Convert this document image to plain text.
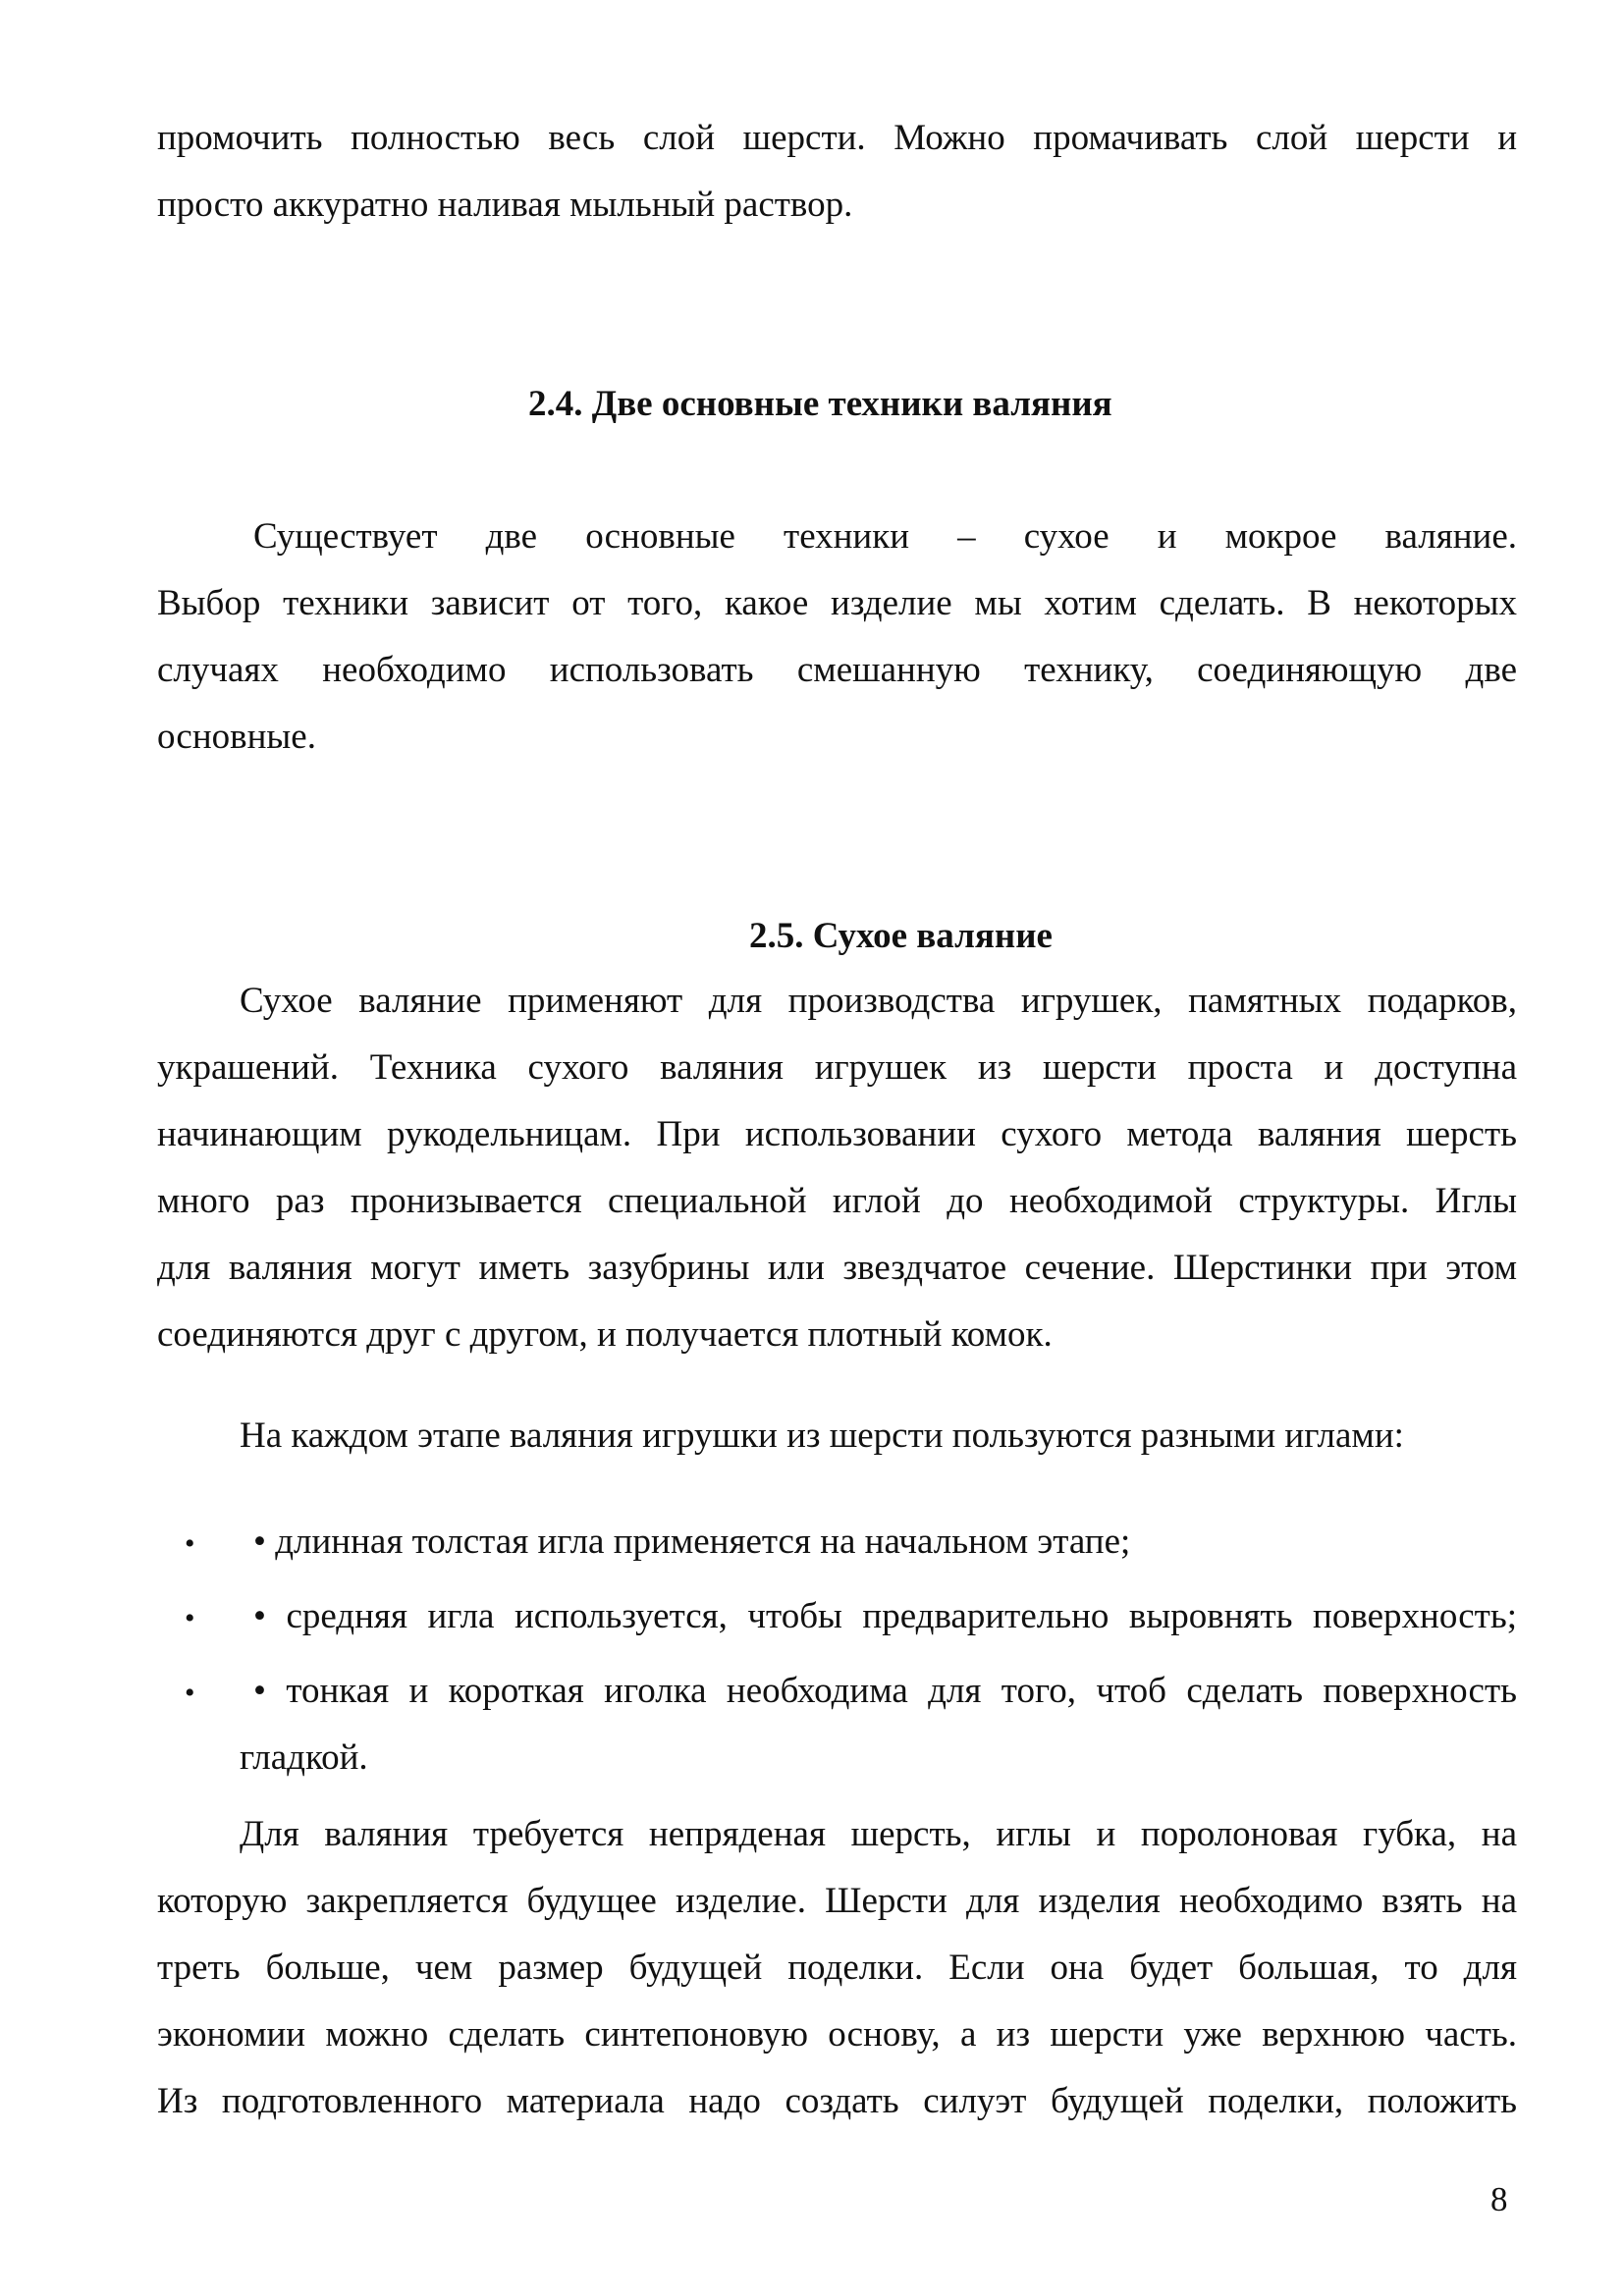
промочить полностью весь слой шерсти. Можно промачивать слой шерсти и
просто аккуратно наливая мыльный раствор.
2.4. Две основные техники валяния
Существует две основные техники – сухое и мокрое валяние.
Выбор техники зависит от того, какое изделие мы хотим сделать. В некоторых
случаях необходимо использовать смешанную технику, соединяющую две
основные.
2.5. Сухое валяние
Сухое валяние применяют для производства игрушек, памятных подарков,
украшений. Техника сухого валяния игрушек из шерсти проста и доступна
начинающим рукодельницам. При использовании сухого метода валяния шерсть
много раз пронизывается специальной иглой до необходимой структуры. Иглы
для валяния могут иметь зазубрины или звездчатое сечение. Шерстинки при этом
соединяются друг с другом, и получается плотный комок.
На каждом этапе валяния игрушки из шерсти пользуются разными иглами:
• • длинная толстая игла применяется на начальном этапе;
• • средняя игла используется, чтобы предварительно выровнять поверхность;
• • тонкая и короткая иголка необходима для того, чтоб сделать поверхность
гладкой.
Для валяния требуется непряденая шерсть, иглы и поролоновая губка, на
которую закрепляется будущее изделие. Шерсти для изделия необходимо взять на
треть больше, чем размер будущей поделки. Если она будет большая, то для
экономии можно сделать синтепоновую основу, а из шерсти уже верхнюю часть.
Из подготовленного материала надо создать силуэт будущей поделки, положить
8
